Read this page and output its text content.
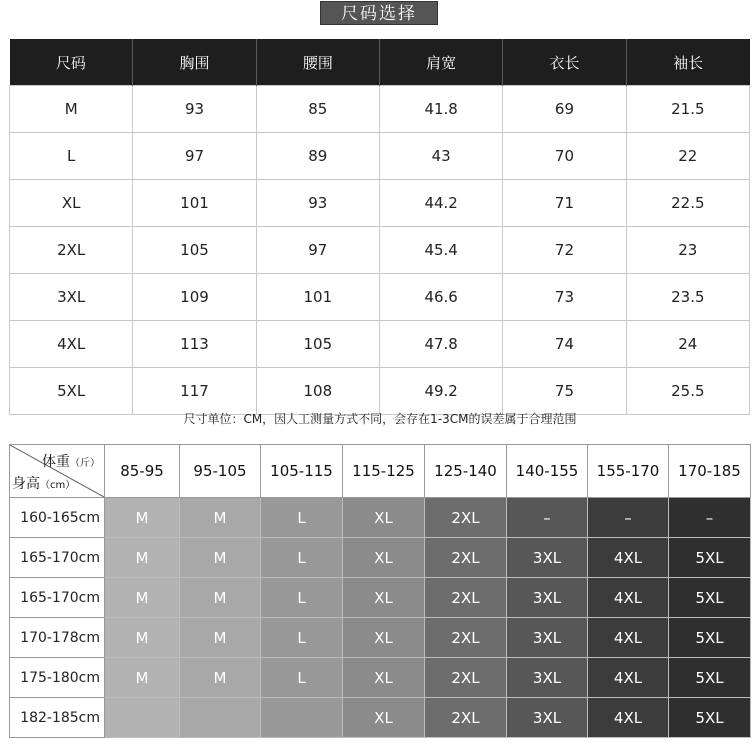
尺码选择
尺码	胸围	腰围	肩宽	衣长	袖长
M	93	85	41.8	69	21.5
L	97	89	43	70	22
XL	101	93	44.2	71	22.5
2XL	105	97	45.4	72	23
3XL	109	101	46.6	73	23.5
4XL	113	105	47.8	74	24
5XL	117	108	49.2	75	25.5
尺寸单位：CM，因人工测量方式不同，会存在1-3CM的误差属于合理范围
体重（斤）
身高（cm）	85-95	95-105	105-115	115-125	125-140	140-155	155-170	170-185
160-165cm	M	M	L	XL	2XL	–	–	–
165-170cm	M	M	L	XL	2XL	3XL	4XL	5XL
165-170cm	M	M	L	XL	2XL	3XL	4XL	5XL
170-178cm	M	M	L	XL	2XL	3XL	4XL	5XL
175-180cm	M	M	L	XL	2XL	3XL	4XL	5XL
182-185cm				XL	2XL	3XL	4XL	5XL
